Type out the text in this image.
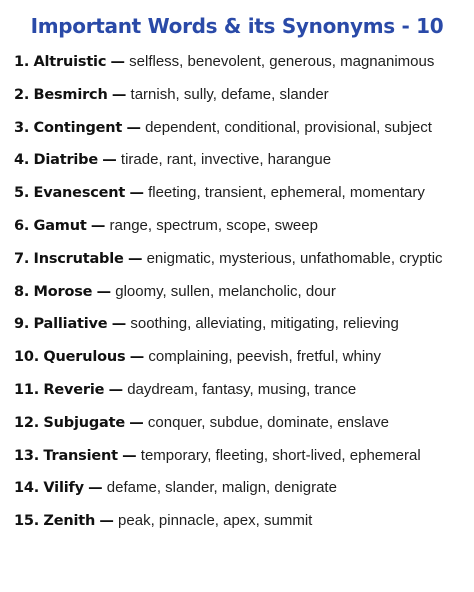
Important Words & its Synonyms - 10
1. Altruistic — selfless, benevolent, generous, magnanimous
2. Besmirch — tarnish, sully, defame, slander
3. Contingent — dependent, conditional, provisional, subject
4. Diatribe — tirade, rant, invective, harangue
5. Evanescent — fleeting, transient, ephemeral, momentary
6. Gamut — range, spectrum, scope, sweep
7. Inscrutable — enigmatic, mysterious, unfathomable, cryptic
8. Morose — gloomy, sullen, melancholic, dour
9. Palliative — soothing, alleviating, mitigating, relieving
10. Querulous — complaining, peevish, fretful, whiny
11. Reverie — daydream, fantasy, musing, trance
12. Subjugate — conquer, subdue, dominate, enslave
13. Transient — temporary, fleeting, short-lived, ephemeral
14. Vilify — defame, slander, malign, denigrate
15. Zenith — peak, pinnacle, apex, summit
